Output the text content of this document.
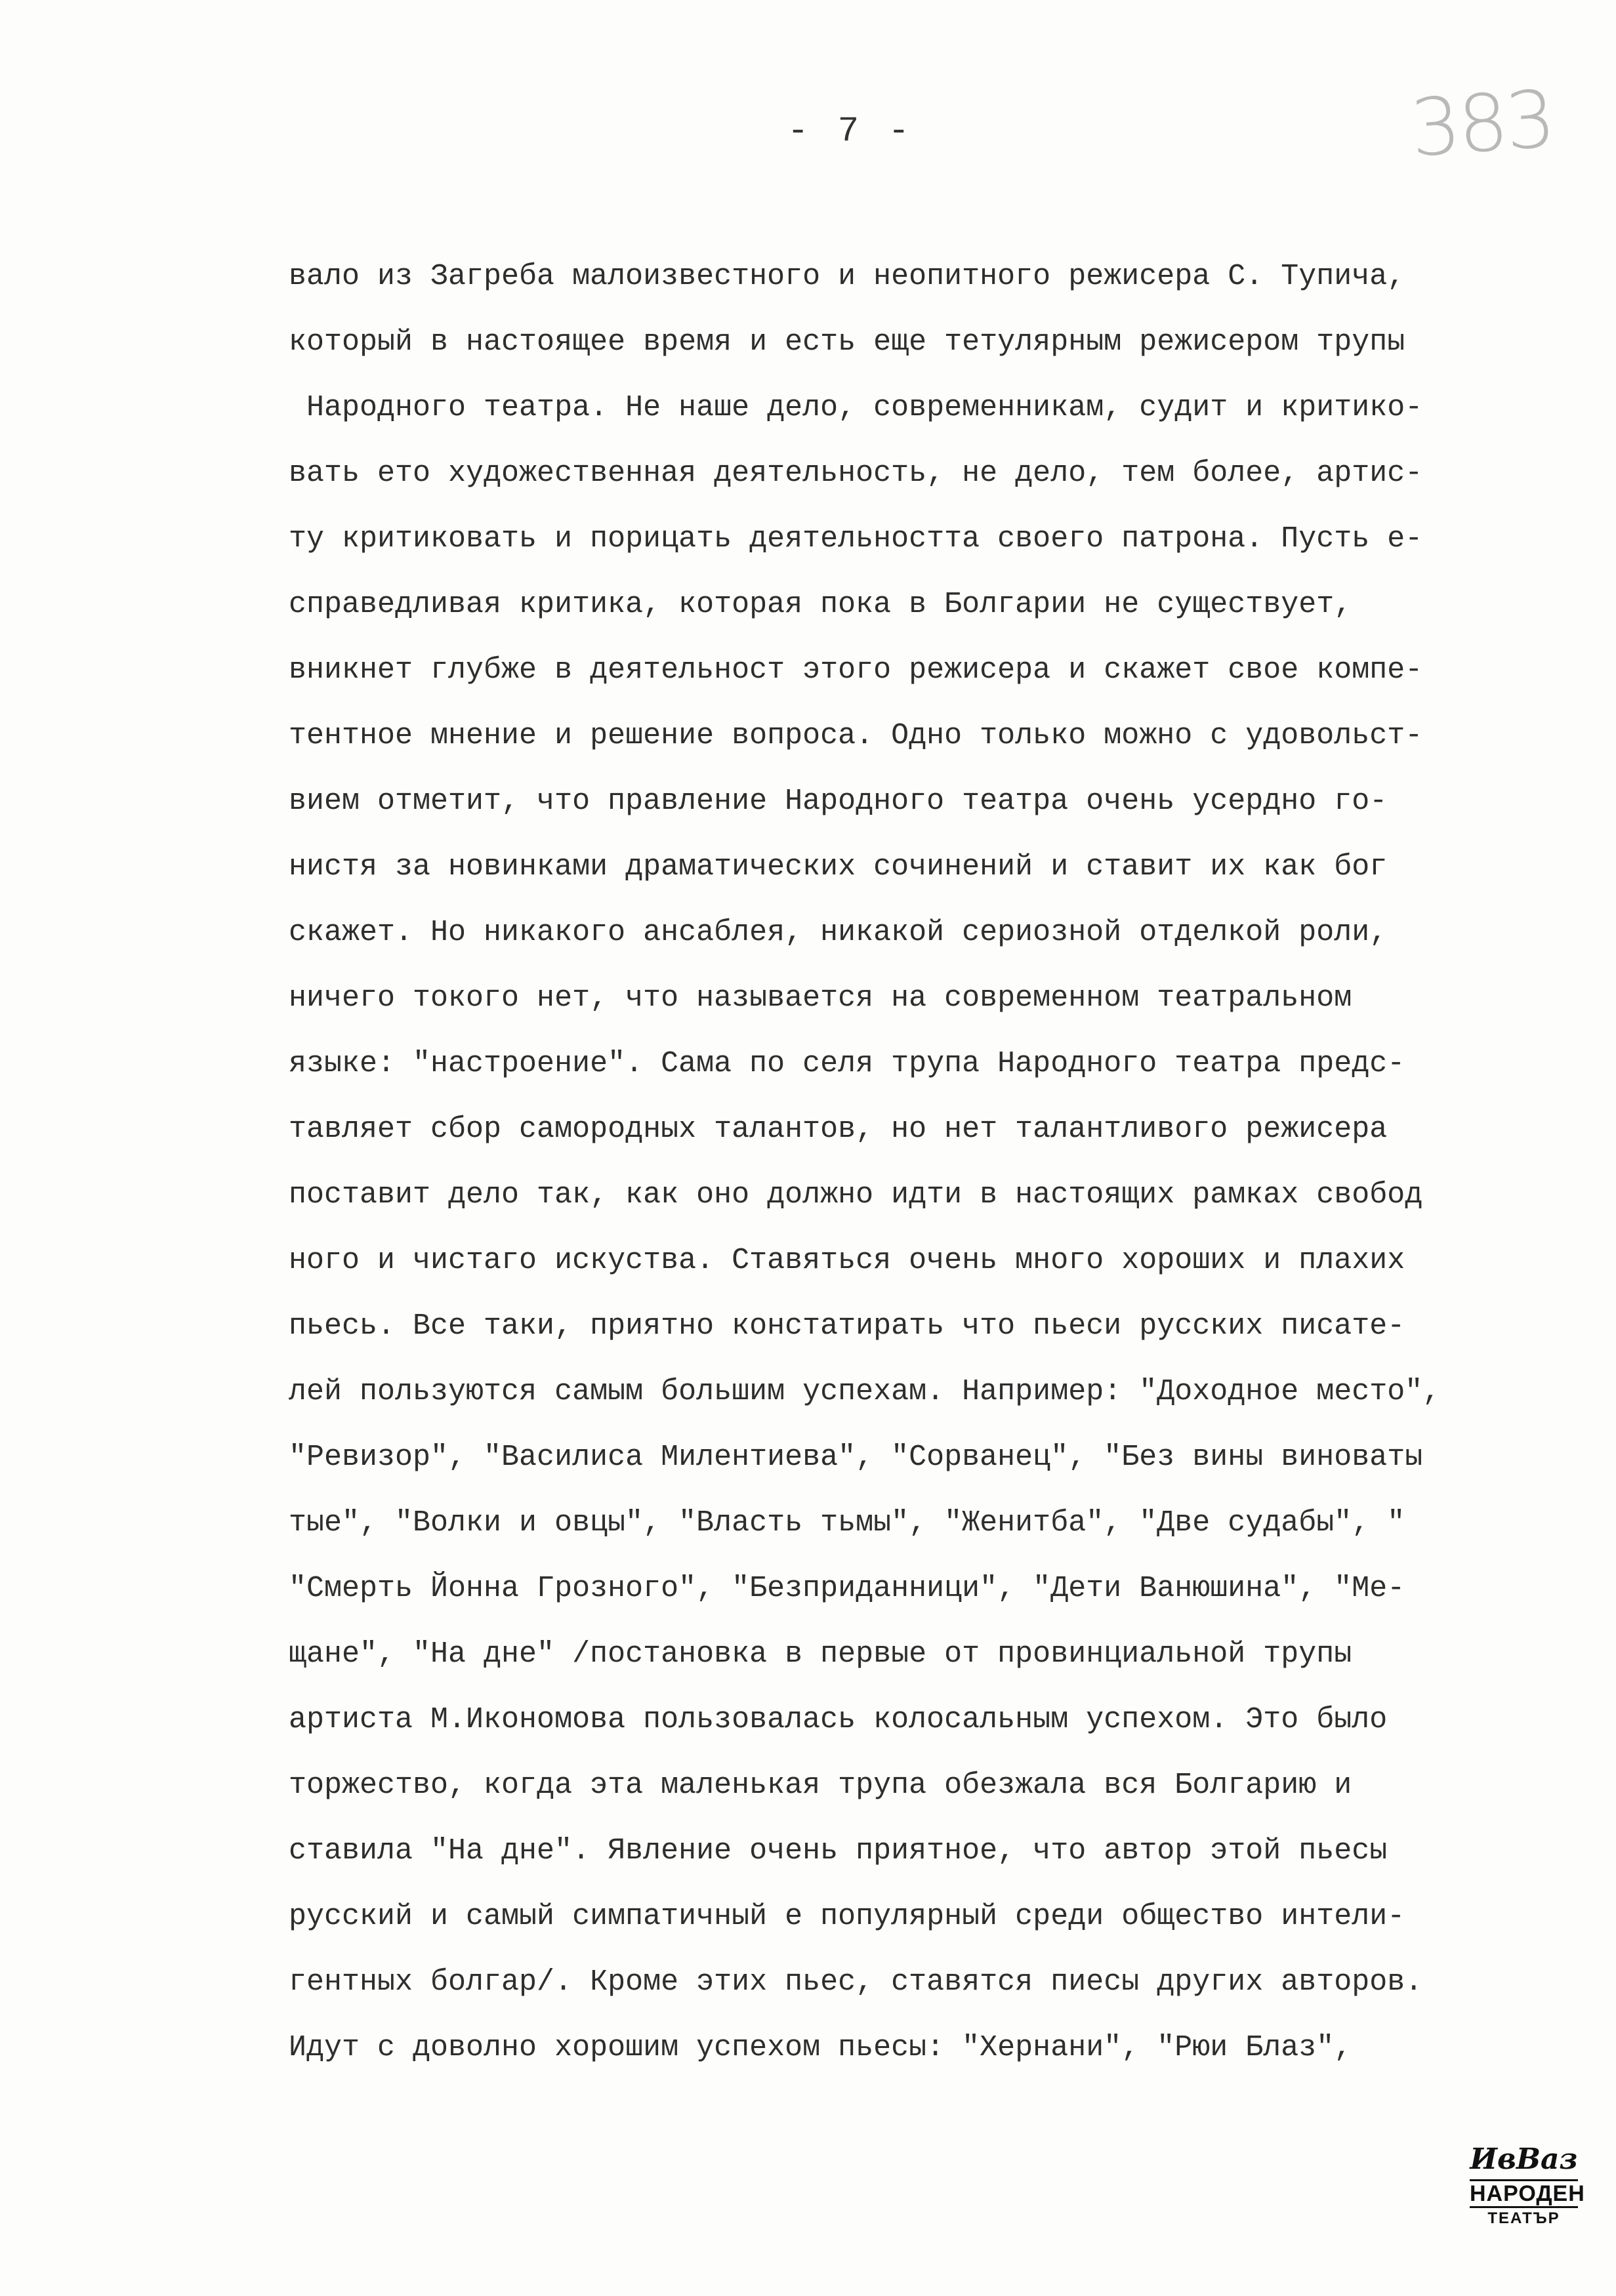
- 7 -	383
вало из Загреба малоизвестного и неопитного режисера С. Тупича,
который в настоящее время и есть еще тетулярным режисером трупы
Народного театра. Не наше дело, современникам, судит и критико-
вать ето художественная деятельность, не дело, тем более, артис-
ту критиковать и порицать деятельността своего патрона. Пусть е-
справедливая критика, которая пока в Болгарии не существует,
вникнет глубже в деятельност этого режисера и скажет свое компе-
тентное мнение и решение вопроса. Одно только можно с удовольст-
вием отметит, что правление Народного театра очень усердно го-
нистя за новинками драматических сочинений и ставит их как бог
скажет. Но никакого ансаблея, никакой сериозной отделкой роли,
ничего токого нет, что называется на современном театральном
языке: "настроение". Сама по селя трупа Народного театра предс-
тавляет сбор самородных талантов, но нет талантливого режисера
поставит дело так, как оно должно идти в настоящих рамках свобод
ного и чистаго искуства. Ставяться очень много хороших и плахих
пьесь. Все таки, приятно констатирать что пьеси русских писате-
лей пользуются самым большим успехам. Например: "Доходное место",
"Ревизор", "Василиса Милентиева", "Сорванец", "Без вины виноваты
тые", "Волки и овцы", "Власть тьмы", "Женитба", "Две судабы", "
"Смерть Йонна Грозного", "Безприданници", "Дети Ванюшина", "Ме-
щане", "На дне" /постановка в первые от провинциальной трупы
артиста М.Икономова пользовалась колосальным успехом. Это было
торжество, когда эта маленькая трупа обезжала вся Болгарию и
ставила "На дне". Явление очень приятное, что автор этой пьесы
русский и самый симпатичный е популярный среди общество интели-
гентных болгар/. Кроме этих пьес, ставятся пиесы других авторов.
Идут с доволно хорошим успехом пьесы: "Хернани", "Рюи Блаз",
ИвВаз
НАРОДЕН
ТЕАТЪР
